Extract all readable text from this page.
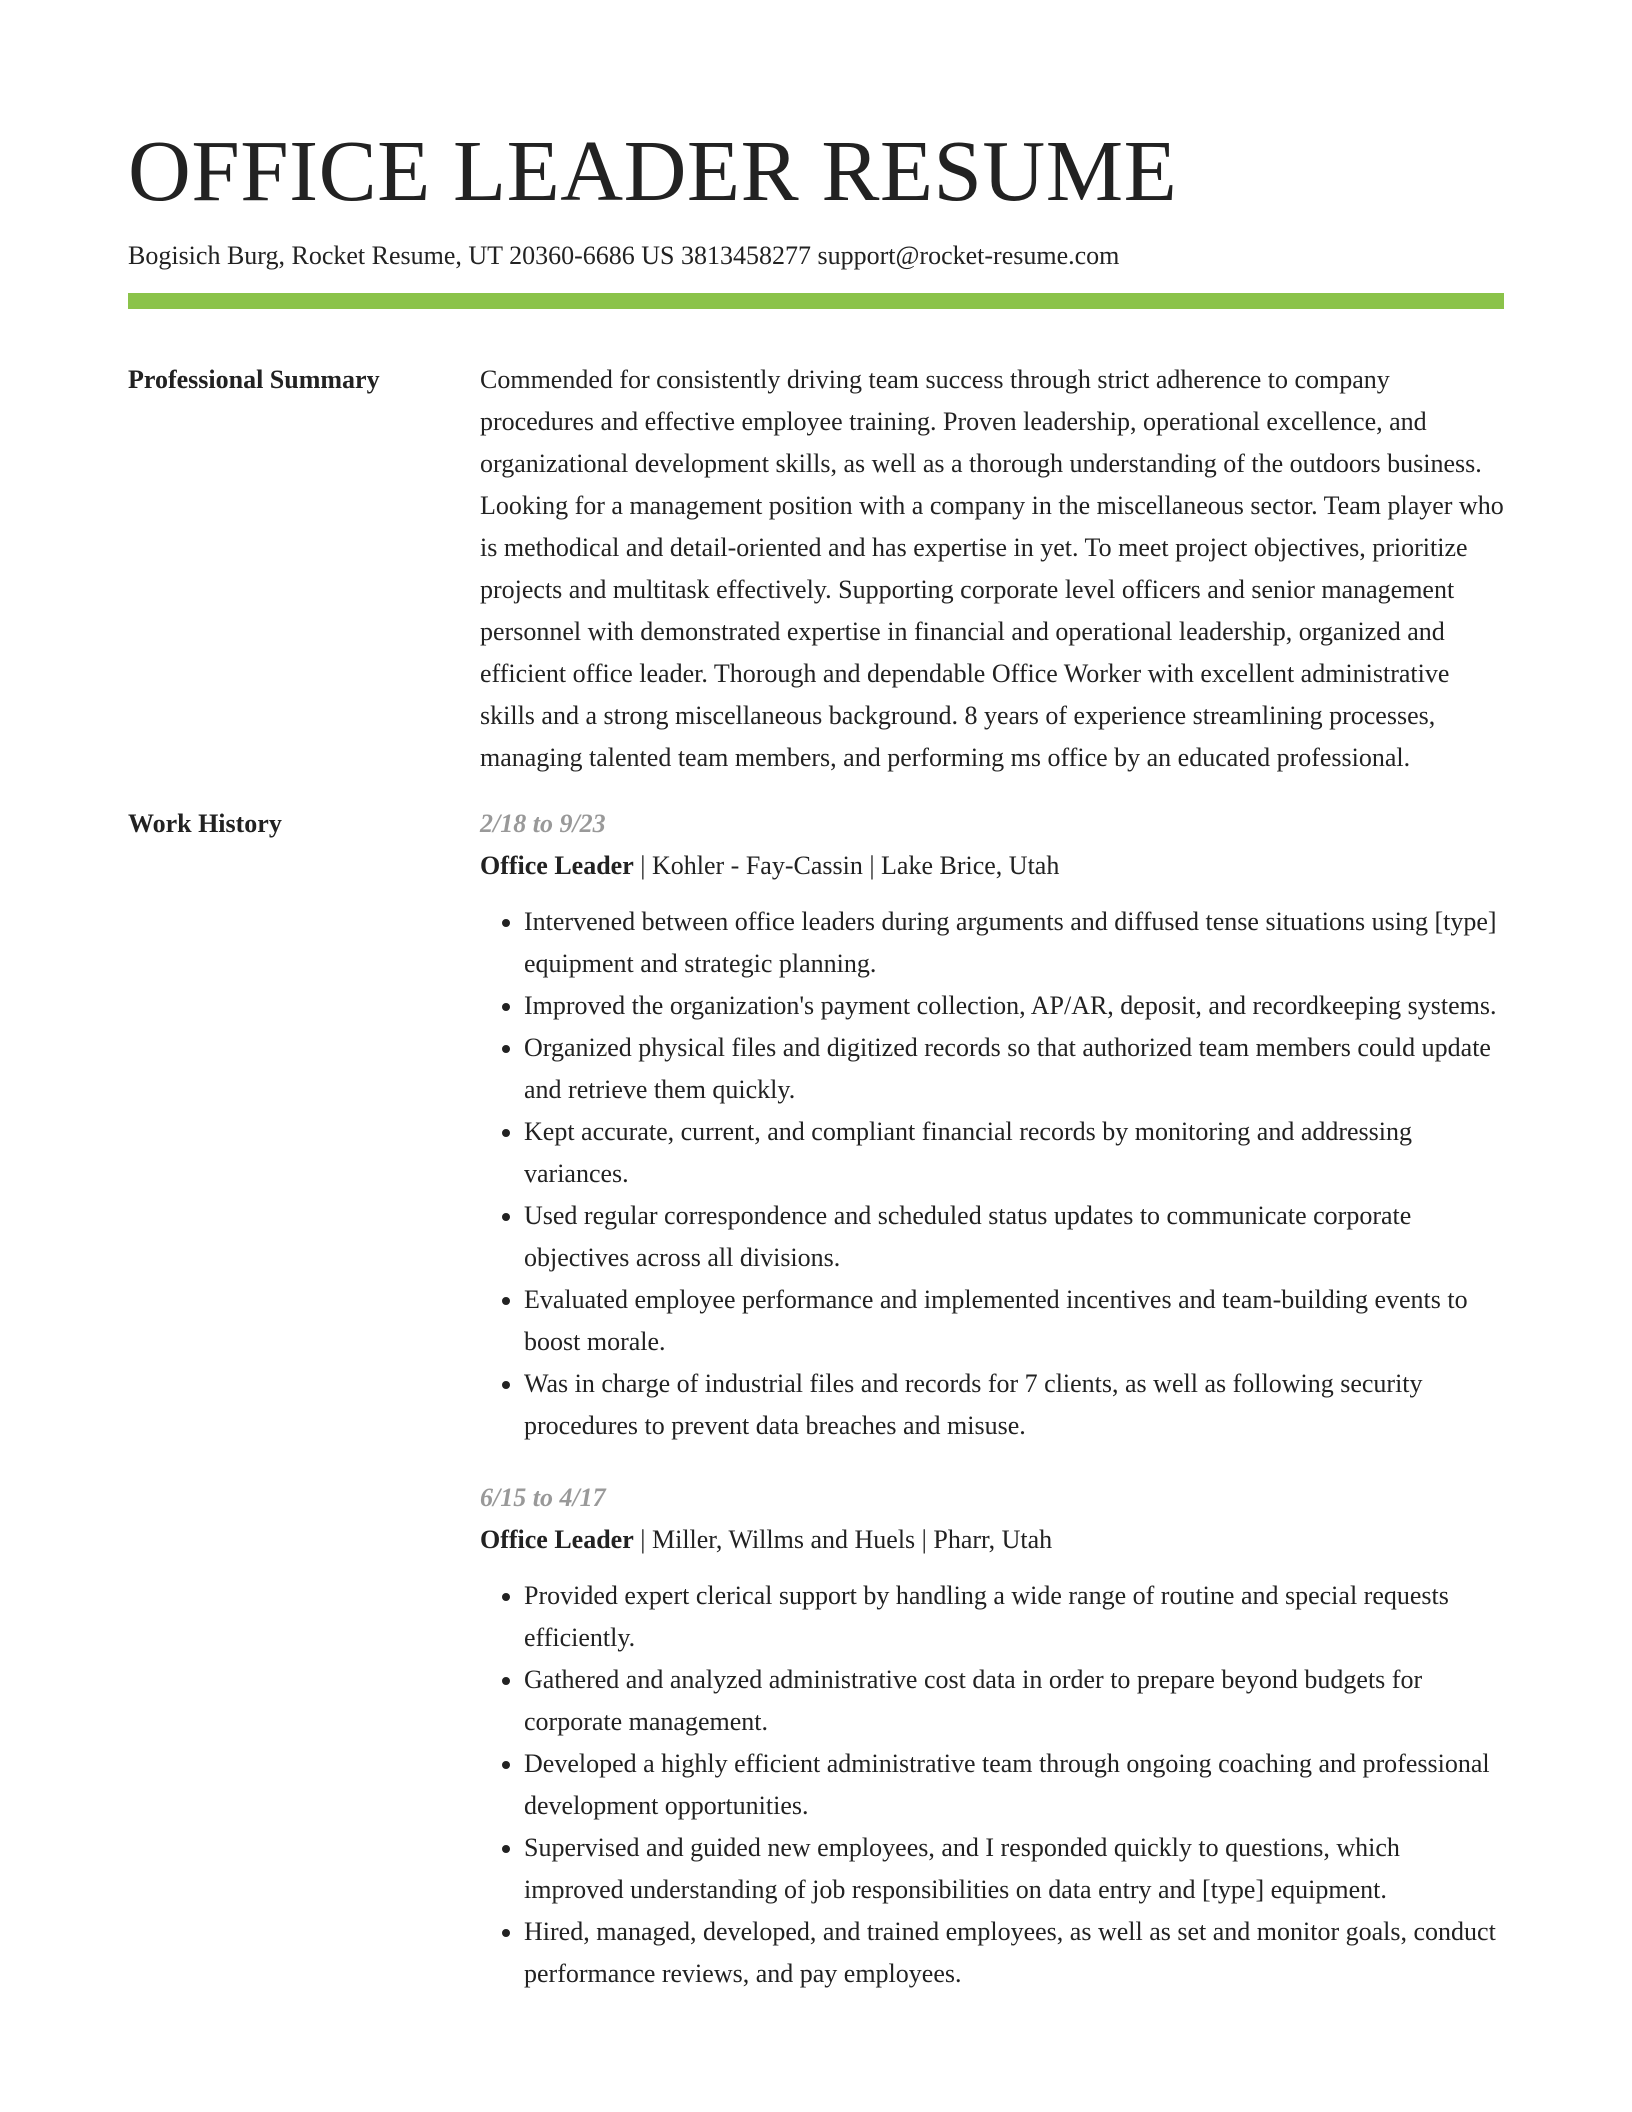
OFFICE LEADER RESUME
Bogisich Burg, Rocket Resume, UT 20360-6686 US 3813458277 support@rocket-resume.com
Professional Summary	Commended for consistently driving team success through strict adherence to company procedures and effective employee training. Proven leadership, operational excellence, and organizational development skills, as well as a thorough understanding of the outdoors business. Looking for a management position with a company in the miscellaneous sector. Team player who is methodical and detail-oriented and has expertise in yet. To meet project objectives, prioritize projects and multitask effectively. Supporting corporate level officers and senior management personnel with demonstrated expertise in financial and operational leadership, organized and efficient office leader. Thorough and dependable Office Worker with excellent administrative skills and a strong miscellaneous background. 8 years of experience streamlining processes, managing talented team members, and performing ms office by an educated professional.

Work History	2/18 to 9/23
Office Leader | Kohler - Fay-Cassin | Lake Brice, Utah
• Intervened between office leaders during arguments and diffused tense situations using [type] equipment and strategic planning.
• Improved the organization's payment collection, AP/AR, deposit, and recordkeeping systems.
• Organized physical files and digitized records so that authorized team members could update and retrieve them quickly.
• Kept accurate, current, and compliant financial records by monitoring and addressing variances.
• Used regular correspondence and scheduled status updates to communicate corporate objectives across all divisions.
• Evaluated employee performance and implemented incentives and team-building events to boost morale.
• Was in charge of industrial files and records for 7 clients, as well as following security procedures to prevent data breaches and misuse.
6/15 to 4/17
Office Leader | Miller, Willms and Huels | Pharr, Utah
• Provided expert clerical support by handling a wide range of routine and special requests efficiently.
• Gathered and analyzed administrative cost data in order to prepare beyond budgets for corporate management.
• Developed a highly efficient administrative team through ongoing coaching and professional development opportunities.
• Supervised and guided new employees, and I responded quickly to questions, which improved understanding of job responsibilities on data entry and [type] equipment.
• Hired, managed, developed, and trained employees, as well as set and monitor goals, conduct performance reviews, and pay employees.
